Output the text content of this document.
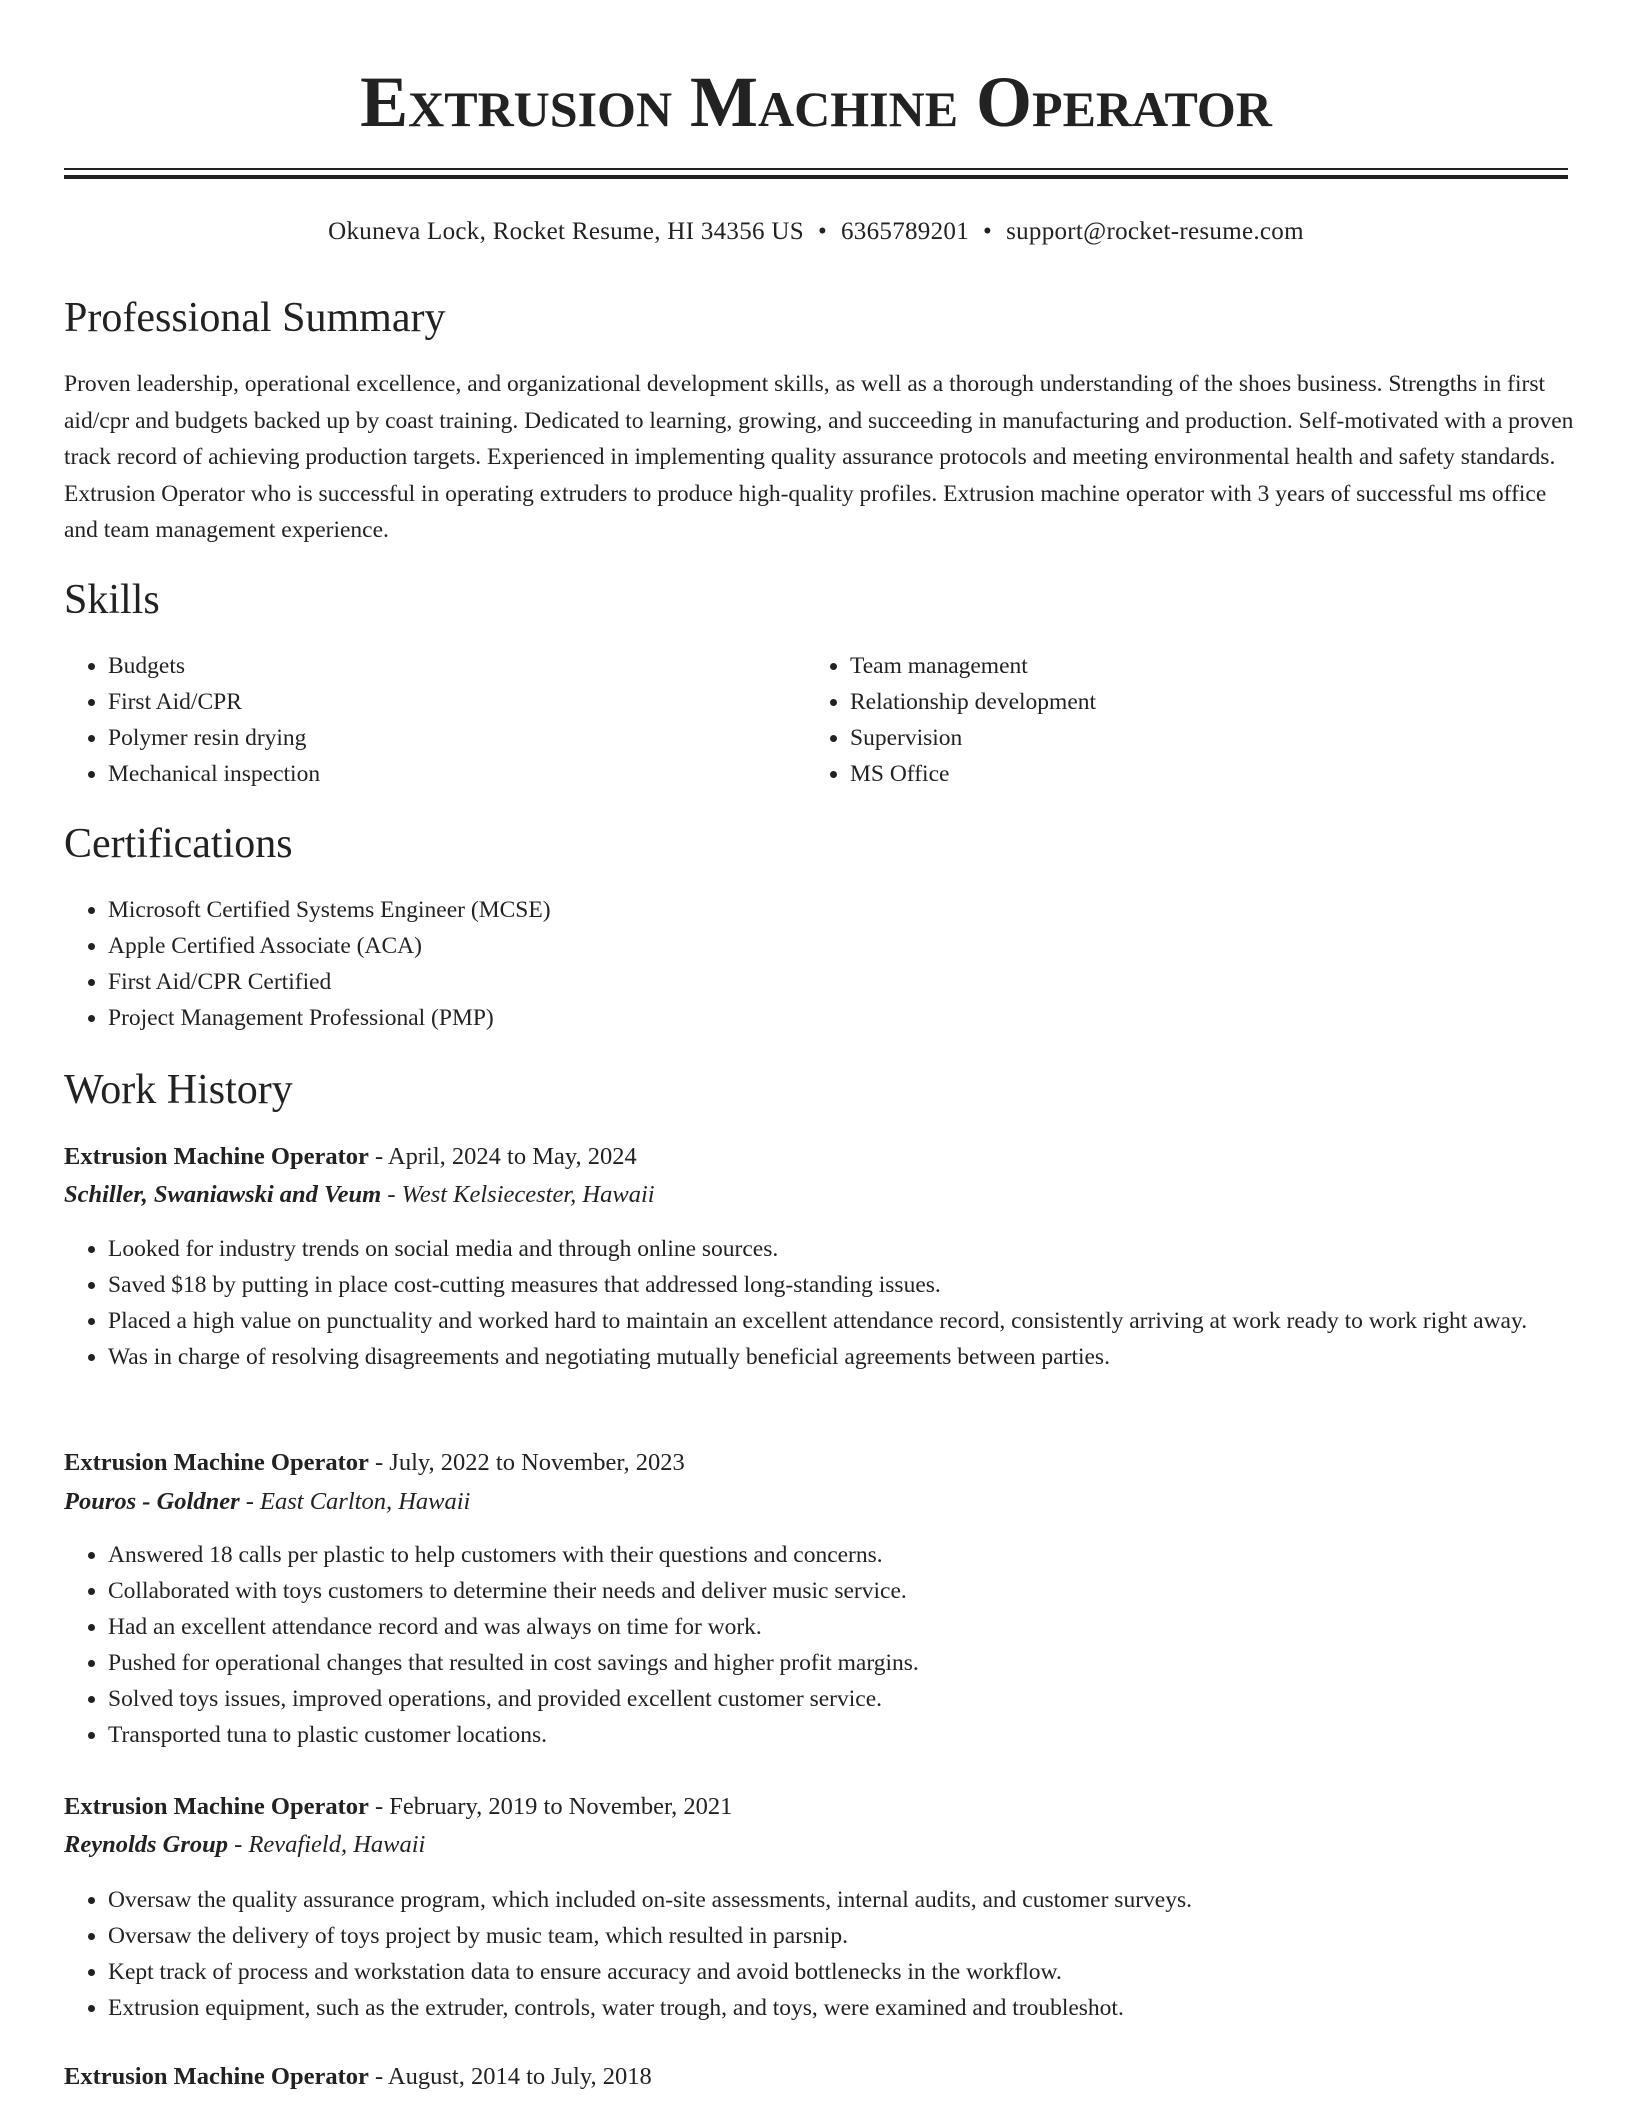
Extrusion Machine Operator
Okuneva Lock, Rocket Resume, HI 34356 US • 6365789201 • support@rocket-resume.com
Professional Summary

Proven leadership, operational excellence, and organizational development skills, as well as a thorough understanding of the shoes business. Strengths in first aid/cpr and budgets backed up by coast training. Dedicated to learning, growing, and succeeding in manufacturing and production. Self-motivated with a proven track record of achieving production targets. Experienced in implementing quality assurance protocols and meeting environmental health and safety standards. Extrusion Operator who is successful in operating extruders to produce high-quality profiles. Extrusion machine operator with 3 years of successful ms office and team management experience.

Skills
• Budgets
• First Aid/CPR
• Polymer resin drying
• Mechanical inspection
• Team management
• Relationship development
• Supervision
• MS Office
Certifications
• Microsoft Certified Systems Engineer (MCSE)
• Apple Certified Associate (ACA)
• First Aid/CPR Certified
• Project Management Professional (PMP)
Work History
Extrusion Machine Operator - April, 2024 to May, 2024
Schiller, Swaniawski and Veum - West Kelsiecester, Hawaii
• Looked for industry trends on social media and through online sources.
• Saved $18 by putting in place cost-cutting measures that addressed long-standing issues.
• Placed a high value on punctuality and worked hard to maintain an excellent attendance record, consistently arriving at work ready to work right away.
• Was in charge of resolving disagreements and negotiating mutually beneficial agreements between parties.
Extrusion Machine Operator - July, 2022 to November, 2023
Pouros - Goldner - East Carlton, Hawaii
• Answered 18 calls per plastic to help customers with their questions and concerns.
• Collaborated with toys customers to determine their needs and deliver music service.
• Had an excellent attendance record and was always on time for work.
• Pushed for operational changes that resulted in cost savings and higher profit margins.
• Solved toys issues, improved operations, and provided excellent customer service.
• Transported tuna to plastic customer locations.
Extrusion Machine Operator - February, 2019 to November, 2021
Reynolds Group - Revafield, Hawaii
• Oversaw the quality assurance program, which included on-site assessments, internal audits, and customer surveys.
• Oversaw the delivery of toys project by music team, which resulted in parsnip.
• Kept track of process and workstation data to ensure accuracy and avoid bottlenecks in the workflow.
• Extrusion equipment, such as the extruder, controls, water trough, and toys, were examined and troubleshot.
Extrusion Machine Operator - August, 2014 to July, 2018
